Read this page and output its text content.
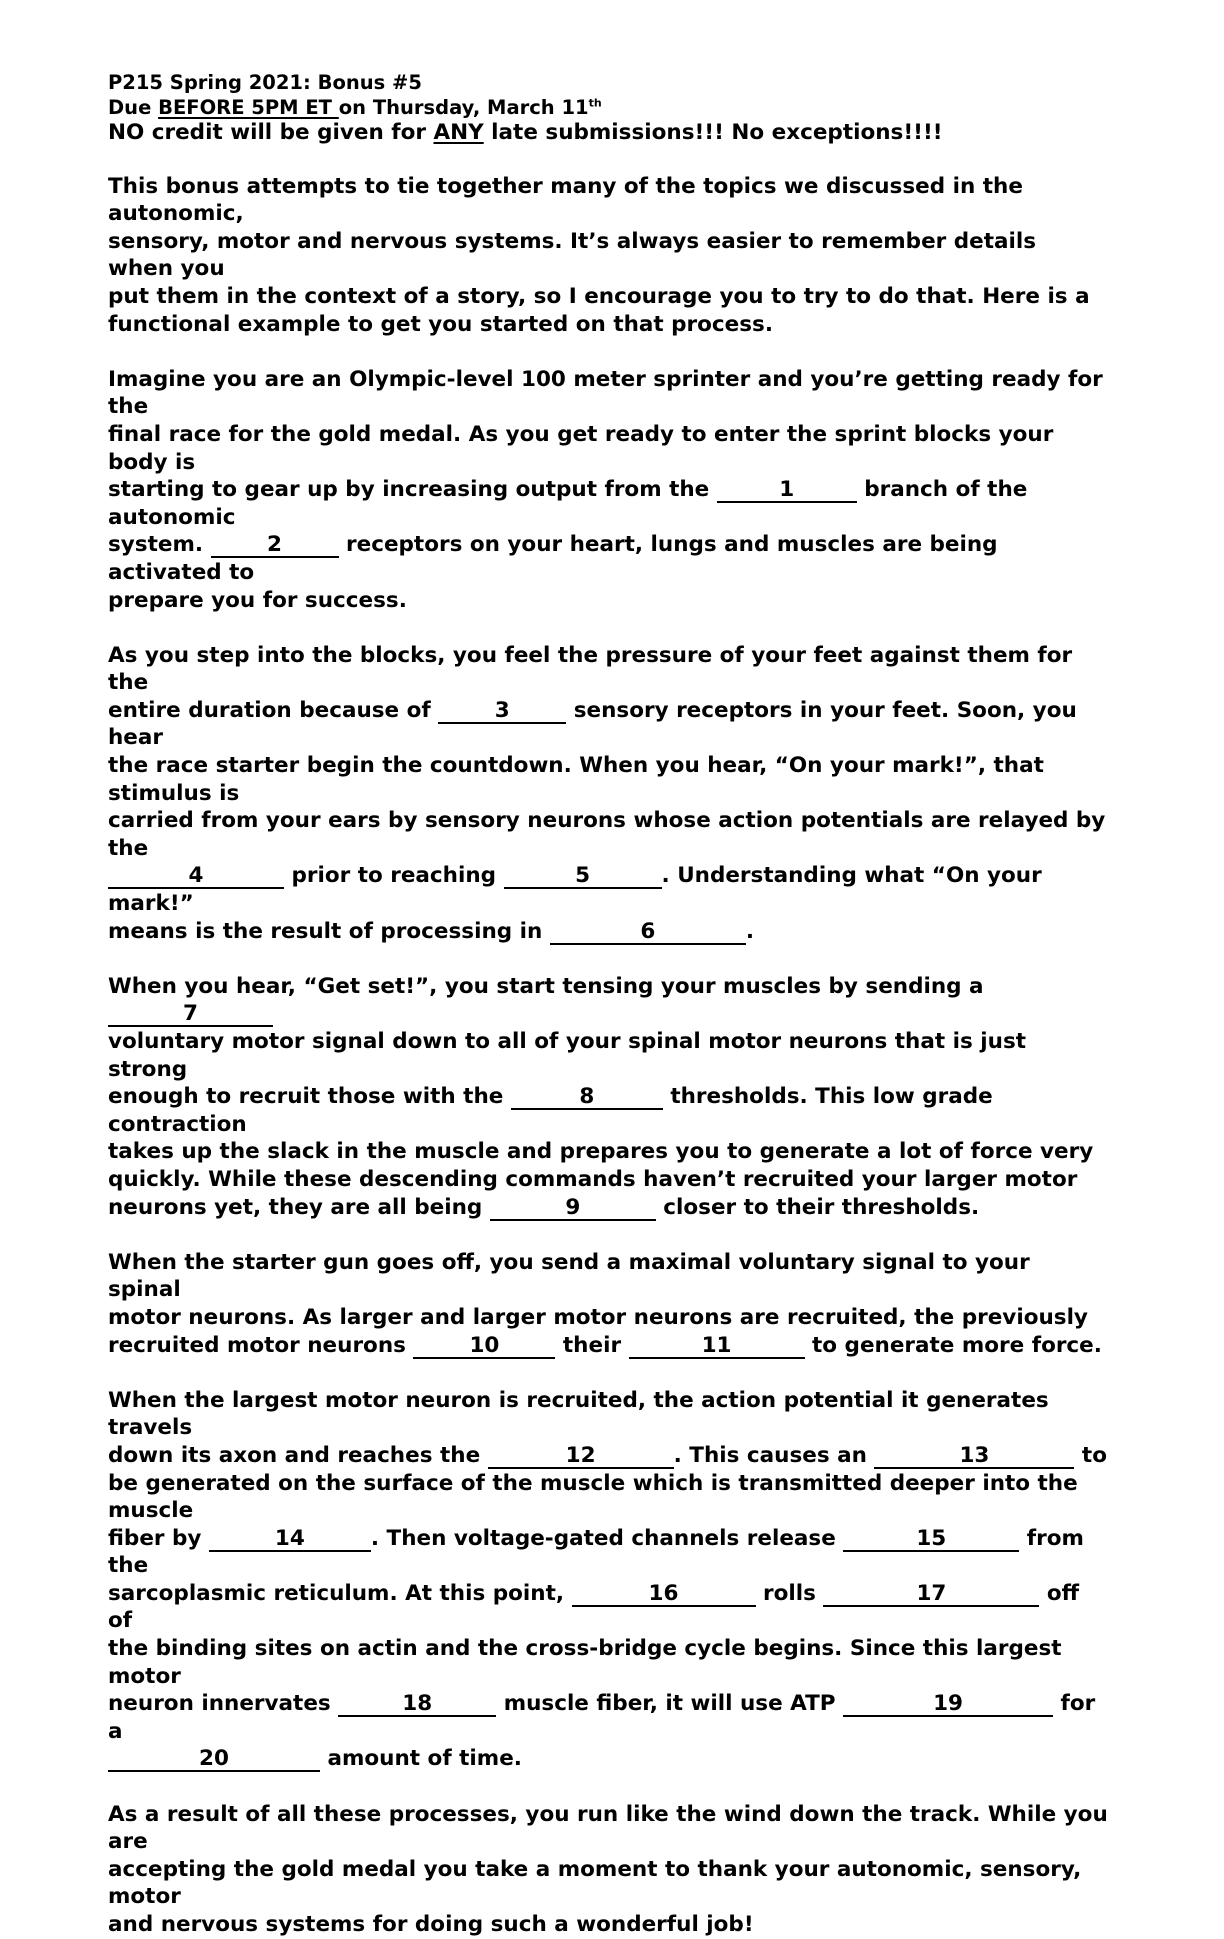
P215 Spring 2021: Bonus #5
Due BEFORE 5PM ET on Thursday, March 11th
NO credit will be given for ANY late submissions!!! No exceptions!!!!
This bonus attempts to tie together many of the topics we discussed in the autonomic,
sensory, motor and nervous systems. It’s always easier to remember details when you
put them in the context of a story, so I encourage you to try to do that. Here is a
functional example to get you started on that process.
Imagine you are an Olympic-level 100 meter sprinter and you’re getting ready for the
final race for the gold medal. As you get ready to enter the sprint blocks your body is
starting to gear up by increasing output from the	1	branch of the autonomic
system.	2	receptors on your heart, lungs and muscles are being activated to
prepare you for success.
As you step into the blocks, you feel the pressure of your feet against them for the
entire duration because of	3	sensory receptors in your feet. Soon, you hear
the race starter begin the countdown. When you hear, “On your mark!”, that stimulus is
carried from your ears by sensory neurons whose action potentials are relayed by the
4	prior to reaching	5	. Understanding what “On your mark!”
means is the result of processing in	6	.
When you hear, “Get set!”, you start tensing your muscles by sending a 7
voluntary motor signal down to all of your spinal motor neurons that is just strong
enough to recruit those with the	8	thresholds. This low grade contraction
takes up the slack in the muscle and prepares you to generate a lot of force very
quickly. While these descending commands haven’t recruited your larger motor
neurons yet, they are all being	9	closer to their thresholds.
When the starter gun goes off, you send a maximal voluntary signal to your spinal
motor neurons. As larger and larger motor neurons are recruited, the previously
recruited motor neurons	10	their	11	to generate more force.
When the largest motor neuron is recruited, the action potential it generates travels
down its axon and reaches the	12	. This causes an	13	to
be generated on the surface of the muscle which is transmitted deeper into the muscle
fiber by	14	. Then voltage-gated channels release	15	from the
sarcoplasmic reticulum. At this point,	16	rolls	17	off of
the binding sites on actin and the cross-bridge cycle begins. Since this largest motor
neuron innervates	18	muscle fiber, it will use ATP	19	for a
20	amount of time.
As a result of all these processes, you run like the wind down the track. While you are
accepting the gold medal you take a moment to thank your autonomic, sensory, motor
and nervous systems for doing such a wonderful job!
